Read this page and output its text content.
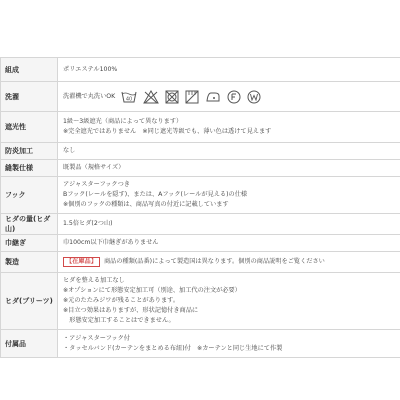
組成	ポリエステル100%

洗濯	洗濯機で丸洗いOK 40

遮光性	1級～3級遮光（商品によって異なります）
※完全遮光ではありません　※同じ遮光等級でも、薄い色は透けて見えます

防炎加工	なし

縫製仕様	既製品（規格サイズ）

フック	アジャスターフックつき
Bフック(レールを隠す)、または、Aフック(レールが見える)の仕様
※個別のフックの種類は、商品写真の付近に記載しています

ヒダの量(ヒダ山)	1.5倍ヒダ(2つ山)

巾継ぎ	巾100cm以下巾継ぎがありません

製造	【在庫品】 商品の種類(品番)によって製造国は異なります。個別の商品説明をご覧ください

ヒダ(プリーツ)	ヒダを整える加工なし
※オプションにて形態安定加工可（別途、加工代の注文が必要）
※元のたたみジワが残ることがあります。
※目立つ効果はありますが、形状記憶付き商品に
　形態安定加工することはできません。

付属品	・アジャスターフック付
・タッセルバンド(カーテンをまとめる布紐)付　※カーテンと同じ生地にて作製
